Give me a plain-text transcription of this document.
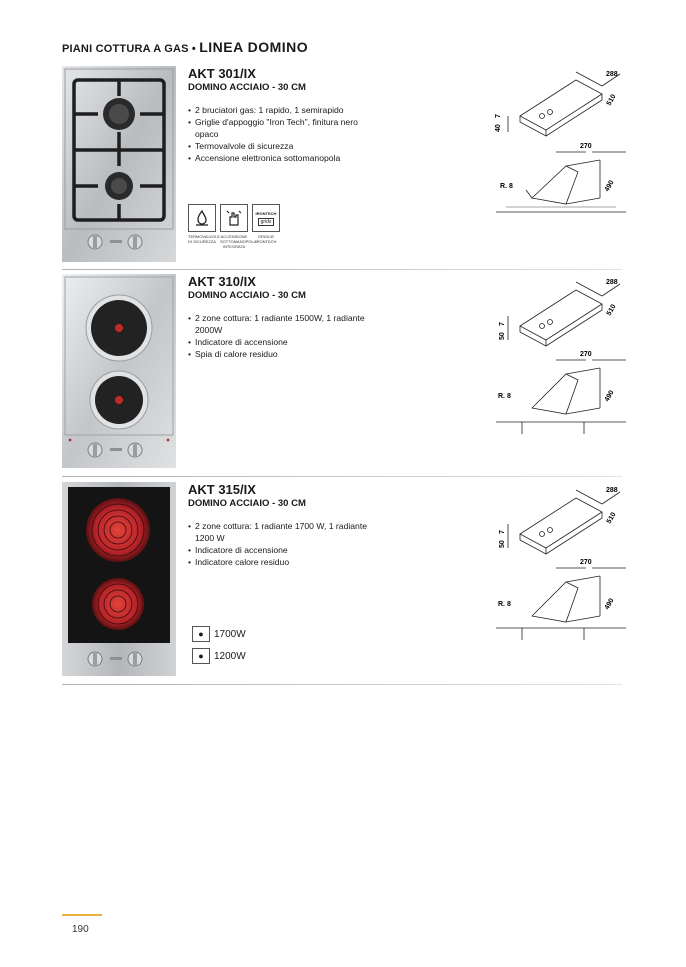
PIANI COTTURA A GAS • LINEA DOMINO

AKT 301/IX

DOMINO ACCIAIO - 30 CM

• 2 bruciatori gas: 1 rapido, 1 semirapido
• Griglie d'appoggio "Iron Tech", finitura nero opaco
• Termovalvole di sicurezza
• Accensione elettronica sottomanopola
TERMOVALVOLE DI SICUREZZA
ACCENSIONE SOTTOMANOPOLA INTEGRATA
IRONTECH
grids
GRIGLIE IRONTECH
288
510
40
7
270
490
R. 8

AKT 310/IX

DOMINO ACCIAIO - 30 CM

• 2 zone cottura: 1 radiante 1500W, 1 radiante 2000W
• Indicatore di accensione
• Spia di calore residuo
288
510
50
7
270
490
R. 8

AKT 315/IX

DOMINO ACCIAIO - 30 CM

• 2 zone cottura: 1 radiante 1700 W, 1 radiante 1200 W
• Indicatore di accensione
• Indicatore calore residuo
●	1700W
●	1200W
288
510
50
7
270
490
R. 8
190
